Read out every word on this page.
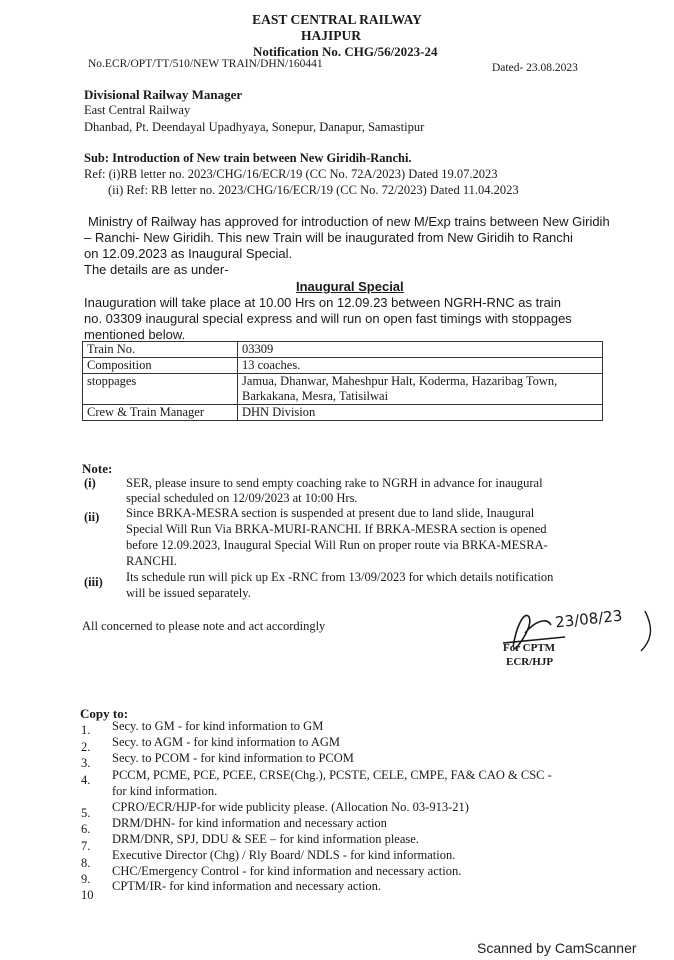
EAST CENTRAL RAILWAY
HAJIPUR
Notification No. CHG/56/2023-24
No.ECR/OPT/TT/510/NEW TRAIN/DHN/160441	Dated- 23.08.2023
Divisional Railway Manager
East Central Railway
Dhanbad, Pt. Deendayal Upadhyaya, Sonepur, Danapur, Samastipur
Sub: Introduction of New train between New Giridih-Ranchi.
Ref: (i)RB letter no. 2023/CHG/16/ECR/19 (CC No. 72A/2023) Dated 19.07.2023
(ii) Ref: RB letter no. 2023/CHG/16/ECR/19 (CC No. 72/2023) Dated 11.04.2023
Ministry of Railway has approved for introduction of new M/Exp trains between New Giridih
– Ranchi- New Giridih. This new Train will be inaugurated from New Giridih to Ranchi
on 12.09.2023 as Inaugural Special.
The details are as under-
Inaugural Special
Inauguration will take place at 10.00 Hrs on 12.09.23 between NGRH-RNC as train
no. 03309 inaugural special express and will run on open fast timings with stoppages
mentioned below.
Train No.	03309
Composition	13 coaches.
stoppages	Jamua, Dhanwar, Maheshpur Halt, Koderma, Hazaribag Town,
Barkakana, Mesra, Tatisilwai

Crew & Train Manager	DHN Division
Note:
(i) SER, please insure to send empty coaching rake to NGRH in advance for inaugural
special scheduled on 12/09/2023 at 10:00 Hrs.
(ii) Since BRKA-MESRA section is suspended at present due to land slide, Inaugural
Special Will Run Via BRKA-MURI-RANCHI. If BRKA-MESRA section is opened
before 12.09.2023, Inaugural Special Will Run on proper route via BRKA-MESRA-
RANCHI.
(iii) Its schedule run will pick up Ex -RNC from 13/09/2023 for which details notification
will be issued separately.
All concerned to please note and act accordingly	23/08/23
For CPTM
ECR/HJP
Copy to:
1. Secy. to GM - for kind information to GM
2. Secy. to AGM - for kind information to AGM
3. Secy. to PCOM - for kind information to PCOM
4. PCCM, PCME, PCE, PCEE, CRSE(Chg.), PCSTE, CELE, CMPE, FA& CAO & CSC -
for kind information.
5. CPRO/ECR/HJP-for wide publicity please. (Allocation No. 03-913-21)
6. DRM/DHN- for kind information and necessary action
7. DRM/DNR, SPJ, DDU & SEE – for kind information please.
8.
Executive Director (Chg) / Rly Board/ NDLS - for kind information.
9.
CHC/Emergency Control - for kind information and necessary action.
10
CPTM/IR- for kind information and necessary action.
Scanned by CamScanner
